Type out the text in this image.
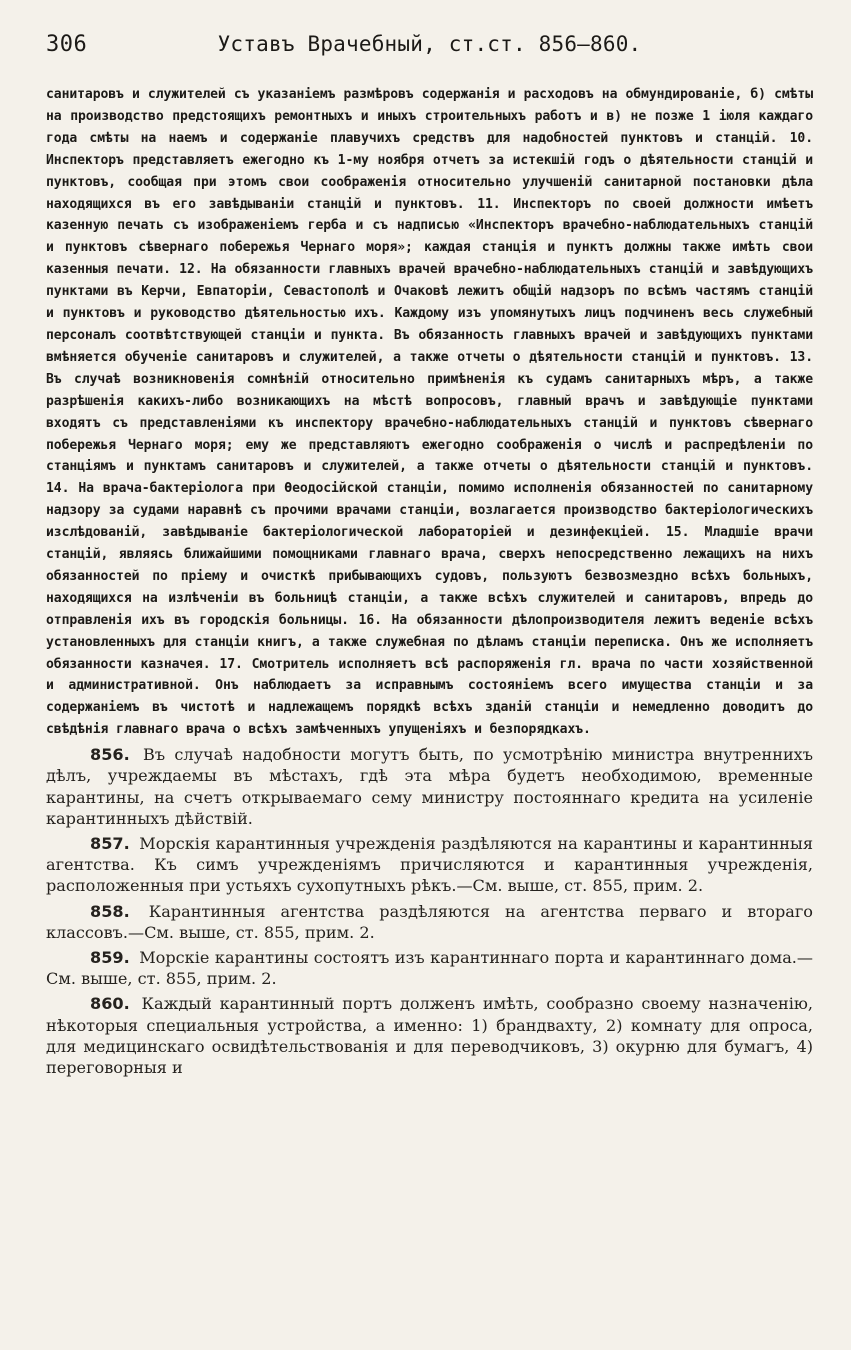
306	Уставъ Врачебный, ст.ст. 856—860.

санитаровъ и служителей съ указаніемъ размѣровъ содержанія и расходовъ на обмундированіе, б) смѣты на производство предстоящихъ ремонтныхъ и иныхъ строительныхъ работъ и в) не позже 1 іюля каждаго года смѣты на наемъ и содержаніе плавучихъ средствъ для надобностей пунктовъ и станцій. 10. Инспекторъ представляетъ ежегодно къ 1-му ноября отчетъ за истекшій годъ о дѣятельности станцій и пунктовъ, сообщая при этомъ свои соображенія относительно улучшеній санитарной постановки дѣла находящихся въ его завѣдываніи станцій и пунктовъ. 11. Инспекторъ по своей должности имѣетъ казенную печать съ изображеніемъ герба и съ надписью «Инспекторъ врачебно-наблюдательныхъ станцій и пунктовъ сѣвернаго побережья Чернаго моря»; каждая станція и пунктъ должны также имѣть свои казенныя печати. 12. На обязанности главныхъ врачей врачебно-наблюдательныхъ станцій и завѣдующихъ пунктами въ Керчи, Евпаторіи, Севастополѣ и Очаковѣ лежитъ общій надзоръ по всѣмъ частямъ станцій и пунктовъ и руководство дѣятельностью ихъ. Каждому изъ упомянутыхъ лицъ подчиненъ весь служебный персоналъ соотвѣтствующей станціи и пункта. Въ обязанность главныхъ врачей и завѣдующихъ пунктами вмѣняется обученіе санитаровъ и служителей, а также отчеты о дѣятельности станцій и пунктовъ. 13. Въ случаѣ возникновенія сомнѣній относительно примѣненія къ судамъ санитарныхъ мѣръ, а также разрѣшенія какихъ-либо возникающихъ на мѣстѣ вопросовъ, главный врачъ и завѣдующіе пунктами входятъ съ представленіями къ инспектору врачебно-наблюдательныхъ станцій и пунктовъ сѣвернаго побережья Чернаго моря; ему же представляютъ ежегодно соображенія о числѣ и распредѣленіи по станціямъ и пунктамъ санитаровъ и служителей, а также отчеты о дѣятельности станцій и пунктовъ. 14. На врача-бактеріолога при Ѳеодосійской станціи, помимо исполненія обязанностей по санитарному надзору за судами наравнѣ съ прочими врачами станціи, возлагается производство бактеріологическихъ изслѣдованій, завѣдываніе бактеріологической лабораторіей и дезинфекціей. 15. Младшіе врачи станцій, являясь ближайшими помощниками главнаго врача, сверхъ непосредственно лежащихъ на нихъ обязанностей по пріему и очисткѣ прибывающихъ судовъ, пользуютъ безвозмездно всѣхъ больныхъ, находящихся на излѣченіи въ больницѣ станціи, а также всѣхъ служителей и санитаровъ, впредь до отправленія ихъ въ городскія больницы. 16. На обязанности дѣлопроизводителя лежитъ веденіе всѣхъ установленныхъ для станціи книгъ, а также служебная по дѣламъ станціи переписка. Онъ же исполняетъ обязанности казначея. 17. Смотритель исполняетъ всѣ распоряженія гл. врача по части хозяйственной и административной. Онъ наблюдаетъ за исправнымъ состояніемъ всего имущества станціи и за содержаніемъ въ чистотѣ и надлежащемъ порядкѣ всѣхъ зданій станціи и немедленно доводитъ до свѣдѣнія главнаго врача о всѣхъ замѣченныхъ упущеніяхъ и безпорядкахъ.

856. Въ случаѣ надобности могутъ быть, по усмотрѣнію министра внутреннихъ дѣлъ, учреждаемы въ мѣстахъ, гдѣ эта мѣра будетъ необходимою, временные карантины, на счетъ открываемаго сему министру постояннаго кредита на усиленіе карантинныхъ дѣйствій.

857. Морскія карантинныя учрежденія раздѣляются на карантины и карантинныя агентства. Къ симъ учрежденіямъ причисляются и карантинныя учрежденія, расположенныя при устьяхъ сухопутныхъ рѣкъ.—См. выше, ст. 855, прим. 2.

858. Карантинныя агентства раздѣляются на агентства перваго и втораго классовъ.—См. выше, ст. 855, прим. 2.

859. Морскіе карантины состоятъ изъ карантиннаго порта и карантиннаго дома.—См. выше, ст. 855, прим. 2.

860. Каждый карантинный портъ долженъ имѣть, сообразно своему назначенію, нѣкоторыя специальныя устройства, а именно: 1) брандвахту, 2) комнату для опроса, для медицинскаго освидѣтельствованія и для переводчиковъ, 3) окурню для бумагъ, 4) переговорныя и
